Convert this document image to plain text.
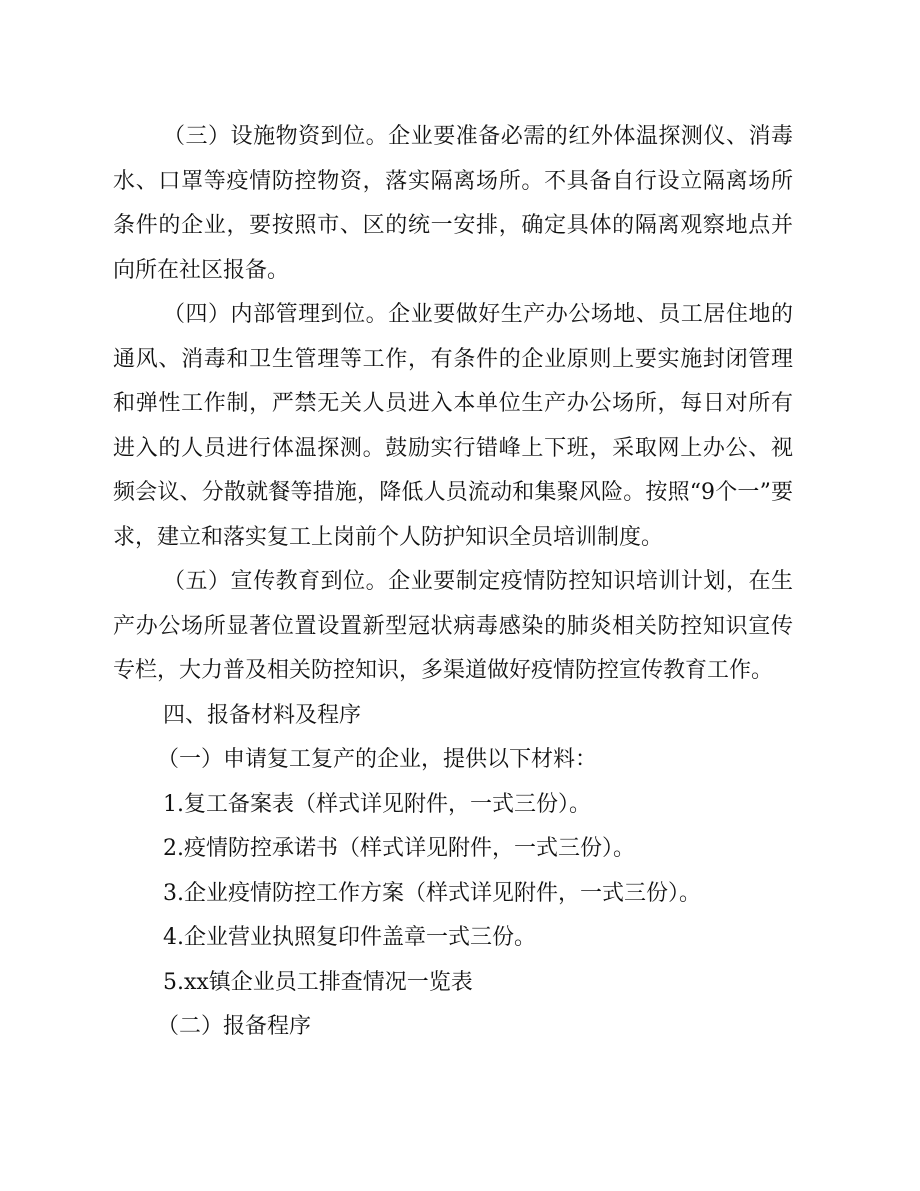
（三）设施物资到位。企业要准备必需的红外体温探测仪、消毒水、口罩等疫情防控物资，落实隔离场所。不具备自行设立隔离场所条件的企业，要按照市、区的统一安排，确定具体的隔离观察地点并向所在社区报备。

（四）内部管理到位。企业要做好生产办公场地、员工居住地的通风、消毒和卫生管理等工作，有条件的企业原则上要实施封闭管理和弹性工作制，严禁无关人员进入本单位生产办公场所，每日对所有进入的人员进行体温探测。鼓励实行错峰上下班，采取网上办公、视频会议、分散就餐等措施，降低人员流动和集聚风险。按照“9个一”要求，建立和落实复工上岗前个人防护知识全员培训制度。

（五）宣传教育到位。企业要制定疫情防控知识培训计划，在生产办公场所显著位置设置新型冠状病毒感染的肺炎相关防控知识宣传专栏，大力普及相关防控知识，多渠道做好疫情防控宣传教育工作。

四、报备材料及程序

（一）申请复工复产的企业，提供以下材料：

1.复工备案表（样式详见附件，一式三份）。

2.疫情防控承诺书（样式详见附件，一式三份）。

3.企业疫情防控工作方案（样式详见附件，一式三份）。

4.企业营业执照复印件盖章一式三份。

5.xx镇企业员工排查情况一览表

（二）报备程序
